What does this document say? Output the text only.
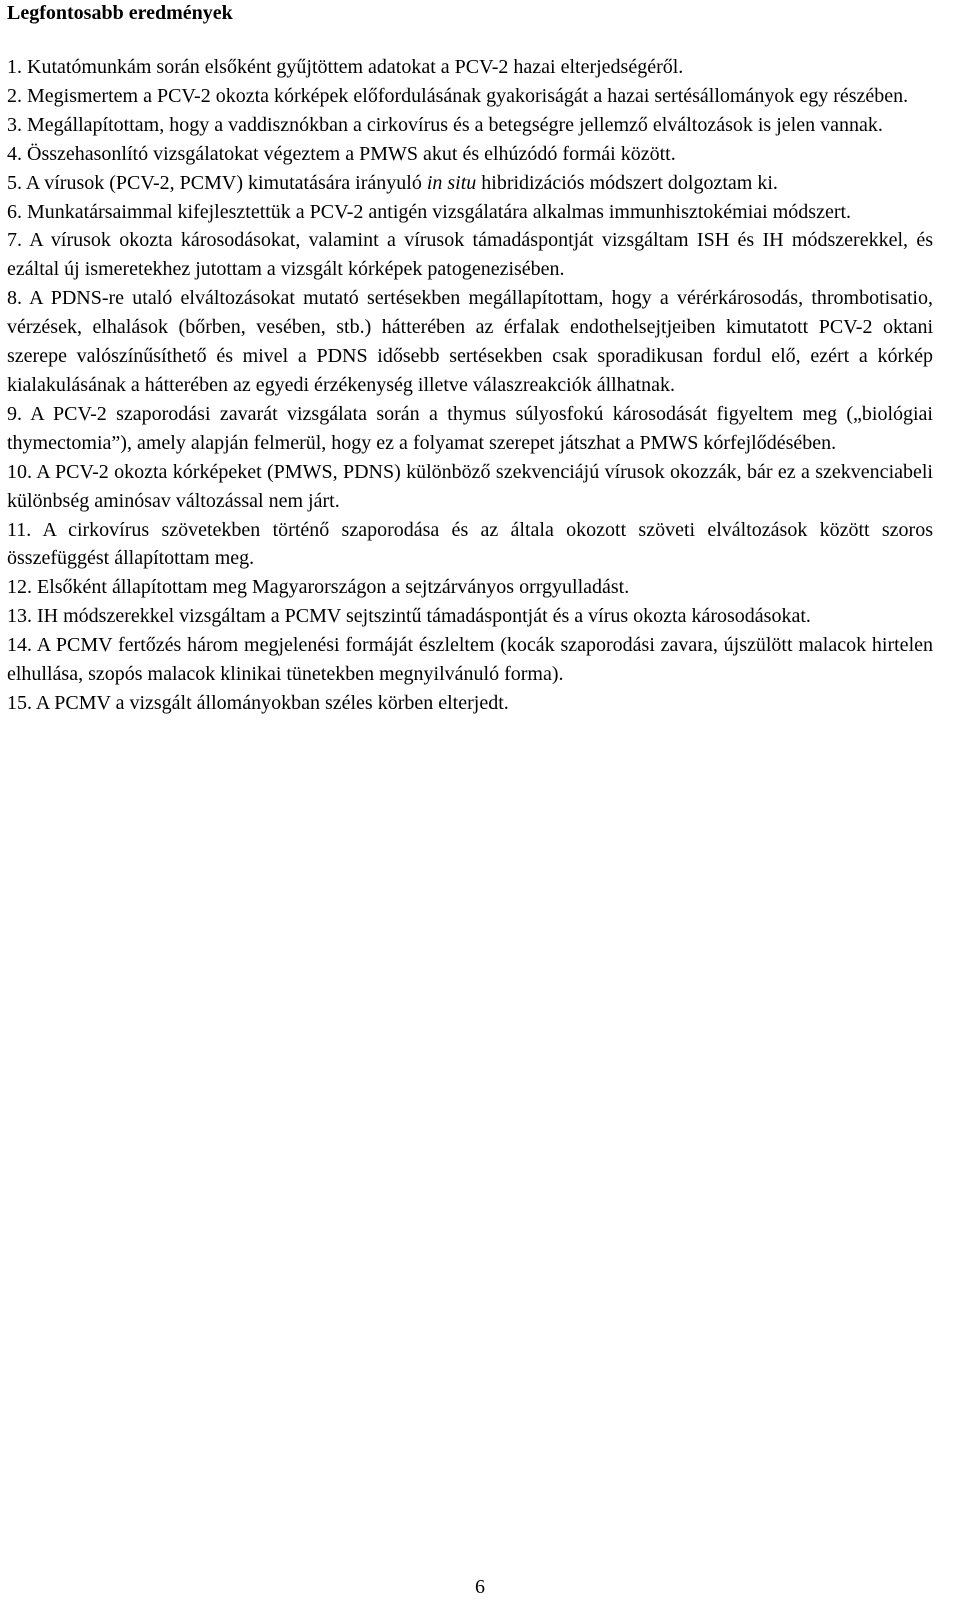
Legfontosabb eredmények
1. Kutatómunkám során elsőként gyűjtöttem adatokat a PCV-2 hazai elterjedségéről.
2. Megismertem a PCV-2 okozta kórképek előfordulásának gyakoriságát a hazai sertésállományok egy részében.
3. Megállapítottam, hogy a vaddisznókban a cirkovírus és a betegségre jellemző elváltozások is jelen vannak.
4. Összehasonlító vizsgálatokat végeztem a PMWS akut és elhúzódó formái között.
5. A vírusok (PCV-2, PCMV) kimutatására irányuló in situ hibridizációs módszert dolgoztam ki.
6. Munkatársaimmal kifejlesztettük a PCV-2 antigén vizsgálatára alkalmas immunhisztokémiai módszert.
7. A vírusok okozta károsodásokat, valamint a vírusok támadáspontját vizsgáltam ISH és IH módszerekkel, és ezáltal új ismeretekhez jutottam a vizsgált kórképek patogenezisében.
8. A PDNS-re utaló elváltozásokat mutató sertésekben megállapítottam, hogy a vérérkárosodás, thrombotisatio, vérzések, elhalások (bőrben, vesében, stb.) hátterében az érfalak endothelsejtjeiben kimutatott PCV-2 oktani szerepe valószínűsíthető és mivel a PDNS idősebb sertésekben csak sporadikusan fordul elő, ezért a kórkép kialakulásának a hátterében az egyedi érzékenység illetve válaszreakciók állhatnak.
9. A PCV-2 szaporodási zavarát vizsgálata során a thymus súlyosfokú károsodását figyeltem meg („biológiai thymectomia”), amely alapján felmerül, hogy ez a folyamat szerepet játszhat a PMWS kórfejlődésében.
10. A PCV-2 okozta kórképeket (PMWS, PDNS) különböző szekvenciájú vírusok okozzák, bár ez a szekvenciabeli különbség aminósav változással nem járt.
11. A cirkovírus szövetekben történő szaporodása és az általa okozott szöveti elváltozások között szoros összefüggést állapítottam meg.
12. Elsőként állapítottam meg Magyarországon a sejtzárványos orrgyulladást.
13. IH módszerekkel vizsgáltam a PCMV sejtszintű támadáspontját és a vírus okozta károsodásokat.
14. A PCMV fertőzés három megjelenési formáját észleltem (kocák szaporodási zavara, újszülött malacok hirtelen elhullása, szopós malacok klinikai tünetekben megnyilvánuló forma).
15. A PCMV a vizsgált állományokban széles körben elterjedt.
6
